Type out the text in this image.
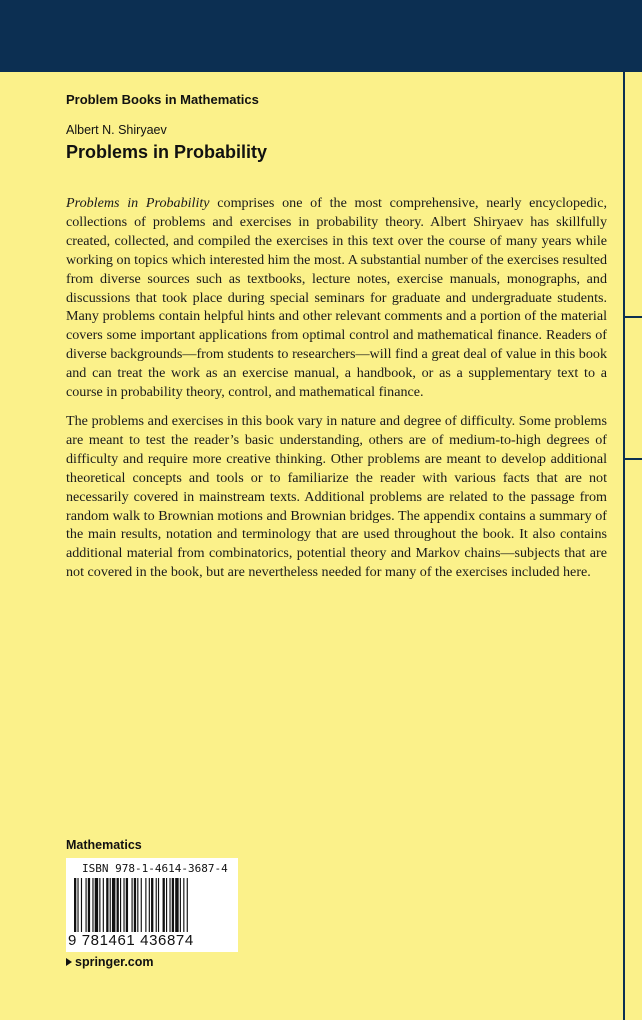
Problem Books in Mathematics
Albert N. Shiryaev
Problems in Probability

Problems in Probability comprises one of the most comprehensive, nearly encyclopedic, collections of problems and exercises in probability theory. Albert Shiryaev has skillfully created, collected, and compiled the exercises in this text over the course of many years while working on topics which interested him the most. A substantial number of the exercises resulted from diverse sources such as textbooks, lecture notes, exercise manuals, monographs, and discussions that took place during special seminars for graduate and undergraduate students. Many problems contain helpful hints and other relevant comments and a portion of the material covers some important applications from optimal control and mathematical finance. Readers of diverse backgrounds—from students to researchers—will find a great deal of value in this book and can treat the work as an exercise manual, a handbook, or as a supplementary text to a course in probability theory, control, and mathematical finance.

The problems and exercises in this book vary in nature and degree of difficulty. Some problems are meant to test the reader’s basic understanding, others are of medium-to-high degrees of difficulty and require more creative thinking. Other problems are meant to develop additional theoretical concepts and tools or to familiarize the reader with various facts that are not necessarily covered in mainstream texts. Additional problems are related to the passage from random walk to Brownian motions and Brownian bridges. The appendix contains a summary of the main results, notation and terminology that are used throughout the book. It also contains additional material from combinatorics, potential theory and Markov chains—subjects that are not covered in the book, but are nevertheless needed for many of the exercises included here.

Mathematics
ISBN 978-1-4614-3687-4
9 781461 436874
springer.com
